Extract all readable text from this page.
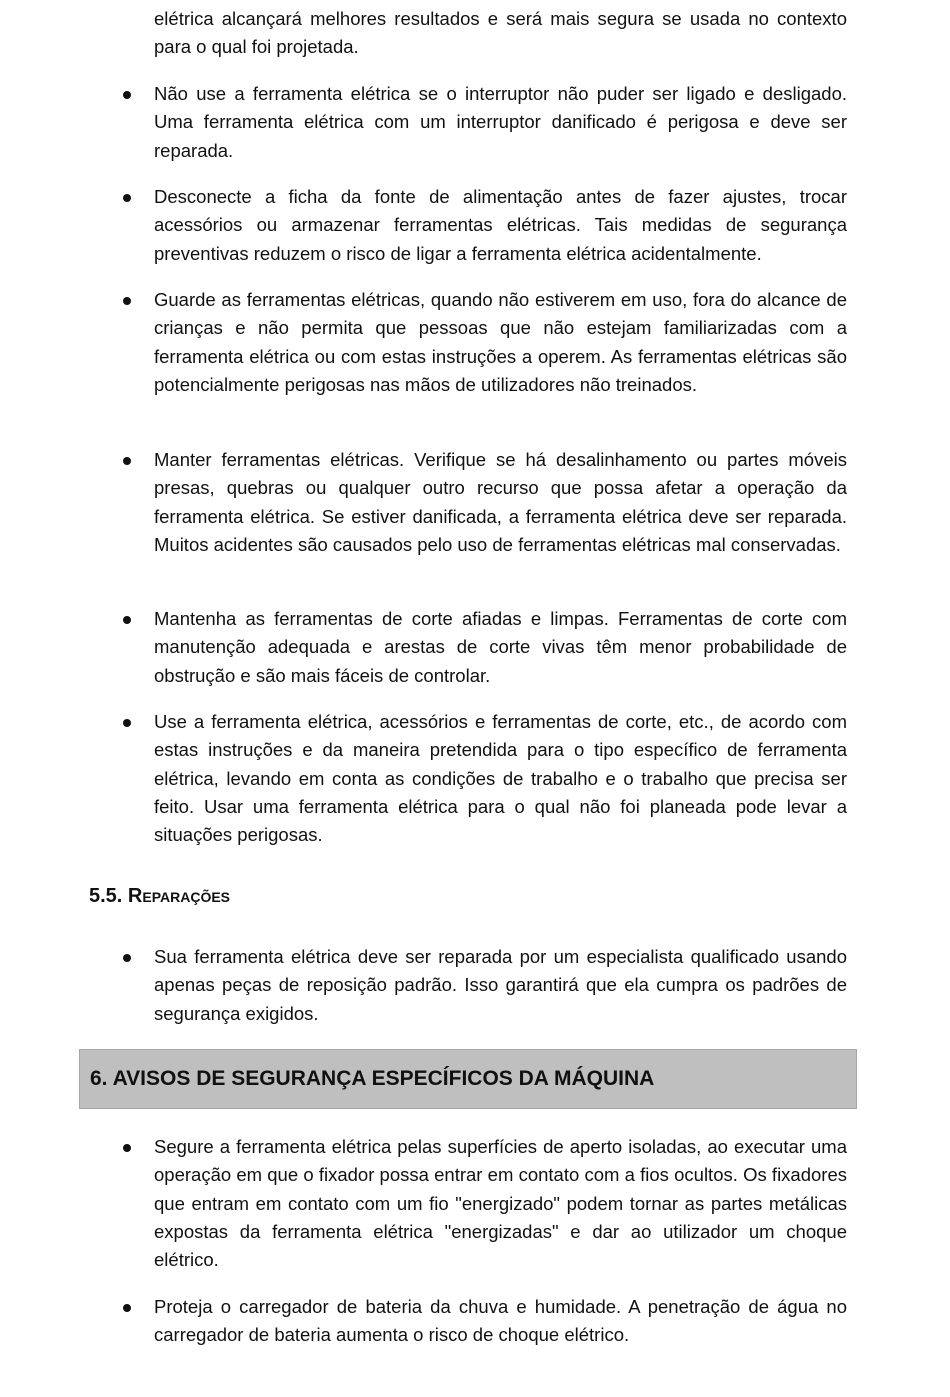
elétrica alcançará melhores resultados e será mais segura se usada no contexto para o qual foi projetada.

Não use a ferramenta elétrica se o interruptor não puder ser ligado e desligado. Uma ferramenta elétrica com um interruptor danificado é perigosa e deve ser reparada.

Desconecte a ficha da fonte de alimentação antes de fazer ajustes, trocar acessórios ou armazenar ferramentas elétricas. Tais medidas de segurança preventivas reduzem o risco de ligar a ferramenta elétrica acidentalmente.

Guarde as ferramentas elétricas, quando não estiverem em uso, fora do alcance de crianças e não permita que pessoas que não estejam familiarizadas com a ferramenta elétrica ou com estas instruções a operem. As ferramentas elétricas são potencialmente perigosas nas mãos de utilizadores não treinados.

Manter ferramentas elétricas. Verifique se há desalinhamento ou partes móveis presas, quebras ou qualquer outro recurso que possa afetar a operação da ferramenta elétrica. Se estiver danificada, a ferramenta elétrica deve ser reparada. Muitos acidentes são causados pelo uso de ferramentas elétricas mal conservadas.

Mantenha as ferramentas de corte afiadas e limpas. Ferramentas de corte com manutenção adequada e arestas de corte vivas têm menor probabilidade de obstrução e são mais fáceis de controlar.

Use a ferramenta elétrica, acessórios e ferramentas de corte, etc., de acordo com estas instruções e da maneira pretendida para o tipo específico de ferramenta elétrica, levando em conta as condições de trabalho e o trabalho que precisa ser feito. Usar uma ferramenta elétrica para o qual não foi planeada pode levar a situações perigosas.

5.5. Reparações

Sua ferramenta elétrica deve ser reparada por um especialista qualificado usando apenas peças de reposição padrão. Isso garantirá que ela cumpra os padrões de segurança exigidos.

6. AVISOS DE SEGURANÇA ESPECÍFICOS DA MÁQUINA

Segure a ferramenta elétrica pelas superfícies de aperto isoladas, ao executar uma operação em que o fixador possa entrar em contato com a fios ocultos. Os fixadores que entram em contato com um fio "energizado" podem tornar as partes metálicas expostas da ferramenta elétrica "energizadas" e dar ao utilizador um choque elétrico.

Proteja o carregador de bateria da chuva e humidade. A penetração de água no carregador de bateria aumenta o risco de choque elétrico.
